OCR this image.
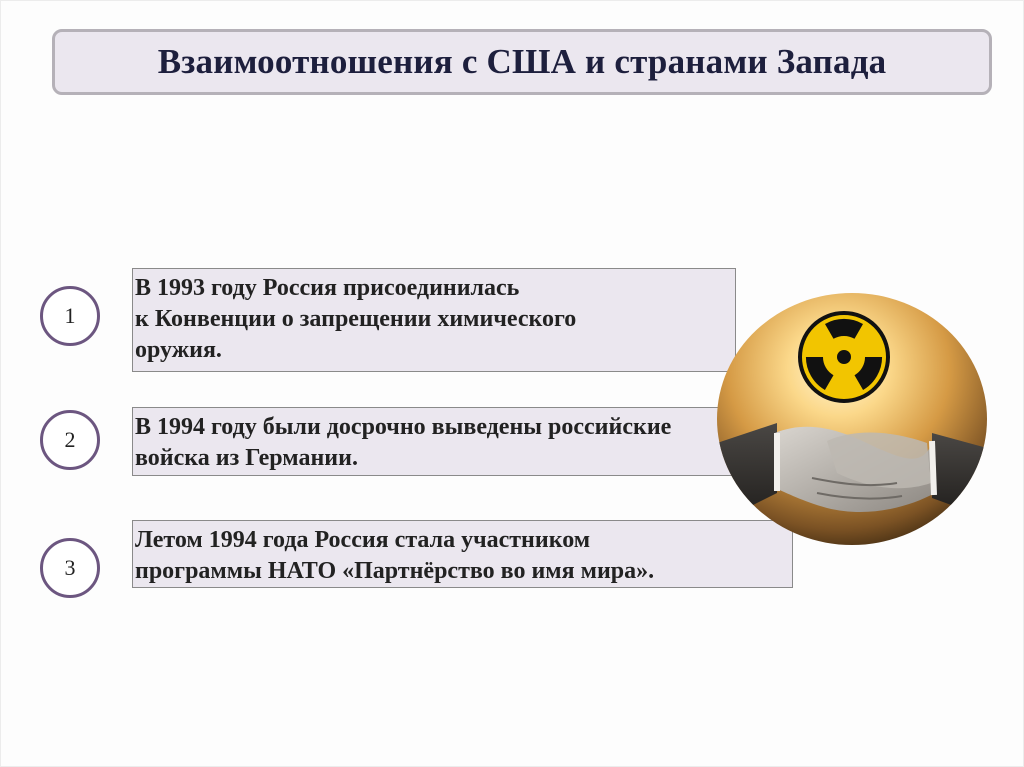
Взаимоотношения с США и странами Запада
1
В 1993 году Россия присоединилась
к Конвенции о запрещении химического
оружия.
2 В 1994 году были досрочно выведены российские
войска из Германии.
3
Летом 1994 года Россия стала участником
программы НАТО «Партнёрство во имя мира».
